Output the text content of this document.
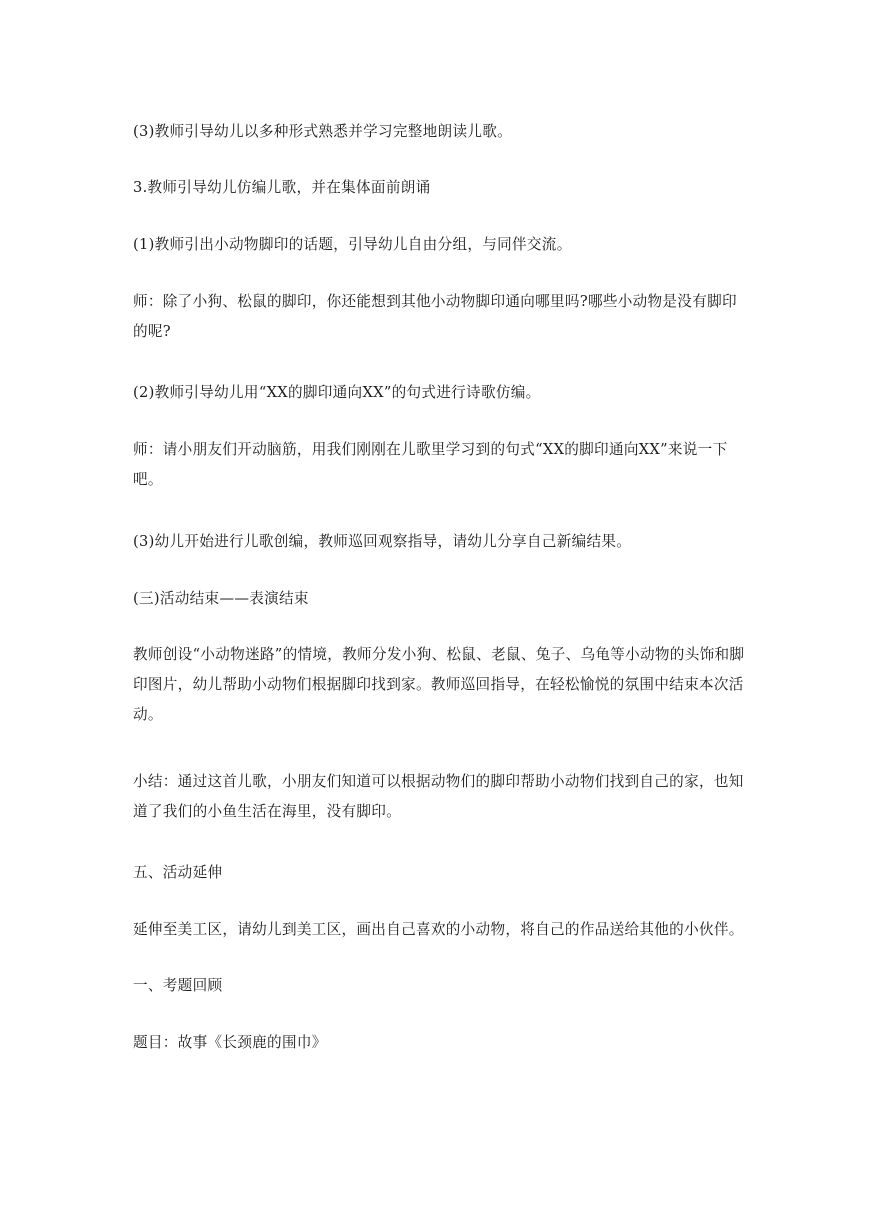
(3)教师引导幼儿以多种形式熟悉并学习完整地朗读儿歌。

3.教师引导幼儿仿编儿歌，并在集体面前朗诵

(1)教师引出小动物脚印的话题，引导幼儿自由分组，与同伴交流。

师：除了小狗、松鼠的脚印，你还能想到其他小动物脚印通向哪里吗?哪些小动物是没有脚印的呢?

(2)教师引导幼儿用“XX的脚印通向XX”的句式进行诗歌仿编。

师：请小朋友们开动脑筋，用我们刚刚在儿歌里学习到的句式“XX的脚印通向XX”来说一下吧。

(3)幼儿开始进行儿歌创编，教师巡回观察指导，请幼儿分享自己新编结果。

(三)活动结束——表演结束

教师创设“小动物迷路”的情境，教师分发小狗、松鼠、老鼠、兔子、乌龟等小动物的头饰和脚印图片，幼儿帮助小动物们根据脚印找到家。教师巡回指导，在轻松愉悦的氛围中结束本次活动。

小结：通过这首儿歌，小朋友们知道可以根据动物们的脚印帮助小动物们找到自己的家，也知道了我们的小鱼生活在海里，没有脚印。

五、活动延伸

延伸至美工区，请幼儿到美工区，画出自己喜欢的小动物，将自己的作品送给其他的小伙伴。

一、考题回顾

题目：故事《长颈鹿的围巾》
